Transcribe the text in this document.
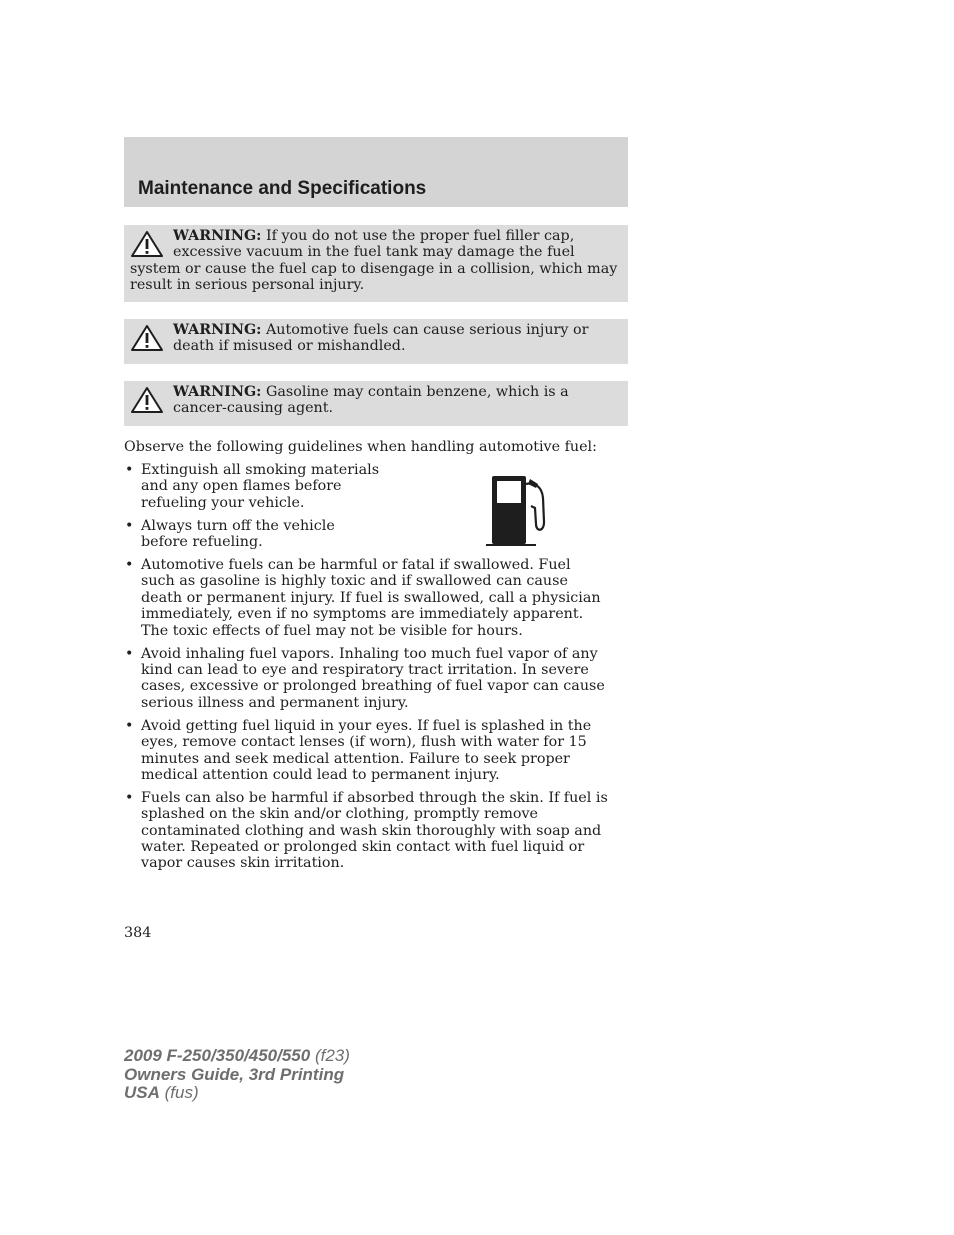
Maintenance and Specifications
WARNING: If you do not use the proper fuel filler cap, excessive vacuum in the fuel tank may damage the fuel system or cause the fuel cap to disengage in a collision, which may result in serious personal injury.
WARNING: Automotive fuels can cause serious injury or death if misused or mishandled.
WARNING: Gasoline may contain benzene, which is a cancer-causing agent.
Observe the following guidelines when handling automotive fuel:
• Extinguish all smoking materials and any open flames before refueling your vehicle.
• Always turn off the vehicle before refueling.
• Automotive fuels can be harmful or fatal if swallowed. Fuel such as gasoline is highly toxic and if swallowed can cause death or permanent injury. If fuel is swallowed, call a physician immediately, even if no symptoms are immediately apparent. The toxic effects of fuel may not be visible for hours.
• Avoid inhaling fuel vapors. Inhaling too much fuel vapor of any kind can lead to eye and respiratory tract irritation. In severe cases, excessive or prolonged breathing of fuel vapor can cause serious illness and permanent injury.
• Avoid getting fuel liquid in your eyes. If fuel is splashed in the eyes, remove contact lenses (if worn), flush with water for 15 minutes and seek medical attention. Failure to seek proper medical attention could lead to permanent injury.
• Fuels can also be harmful if absorbed through the skin. If fuel is splashed on the skin and/or clothing, promptly remove contaminated clothing and wash skin thoroughly with soap and water. Repeated or prolonged skin contact with fuel liquid or vapor causes skin irritation.
384
2009 F-250/350/450/550 (f23)
Owners Guide, 3rd Printing
USA (fus)
